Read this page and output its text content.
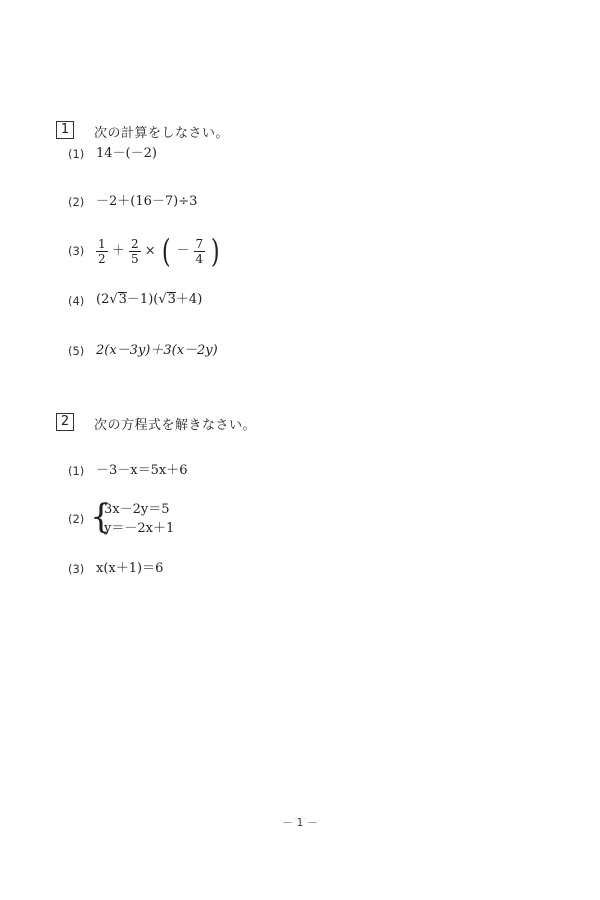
1	次の計算をしなさい。
(1) 14－(－2)
(2) －2＋(16－7)÷3
$(3) \frac{1}{2} + \frac{2}{5}$ × ( － $\frac{7}{4}$ )
(4) (2√3－1)(√3＋4)
(5) 2(x－3y)＋3(x－2y)
2	次の方程式を解きなさい。
(1) －3－x＝5x＋6
(2) {
3x－2y＝5
y＝－2x＋1
(3) x(x＋1)＝6
－ 1 －
